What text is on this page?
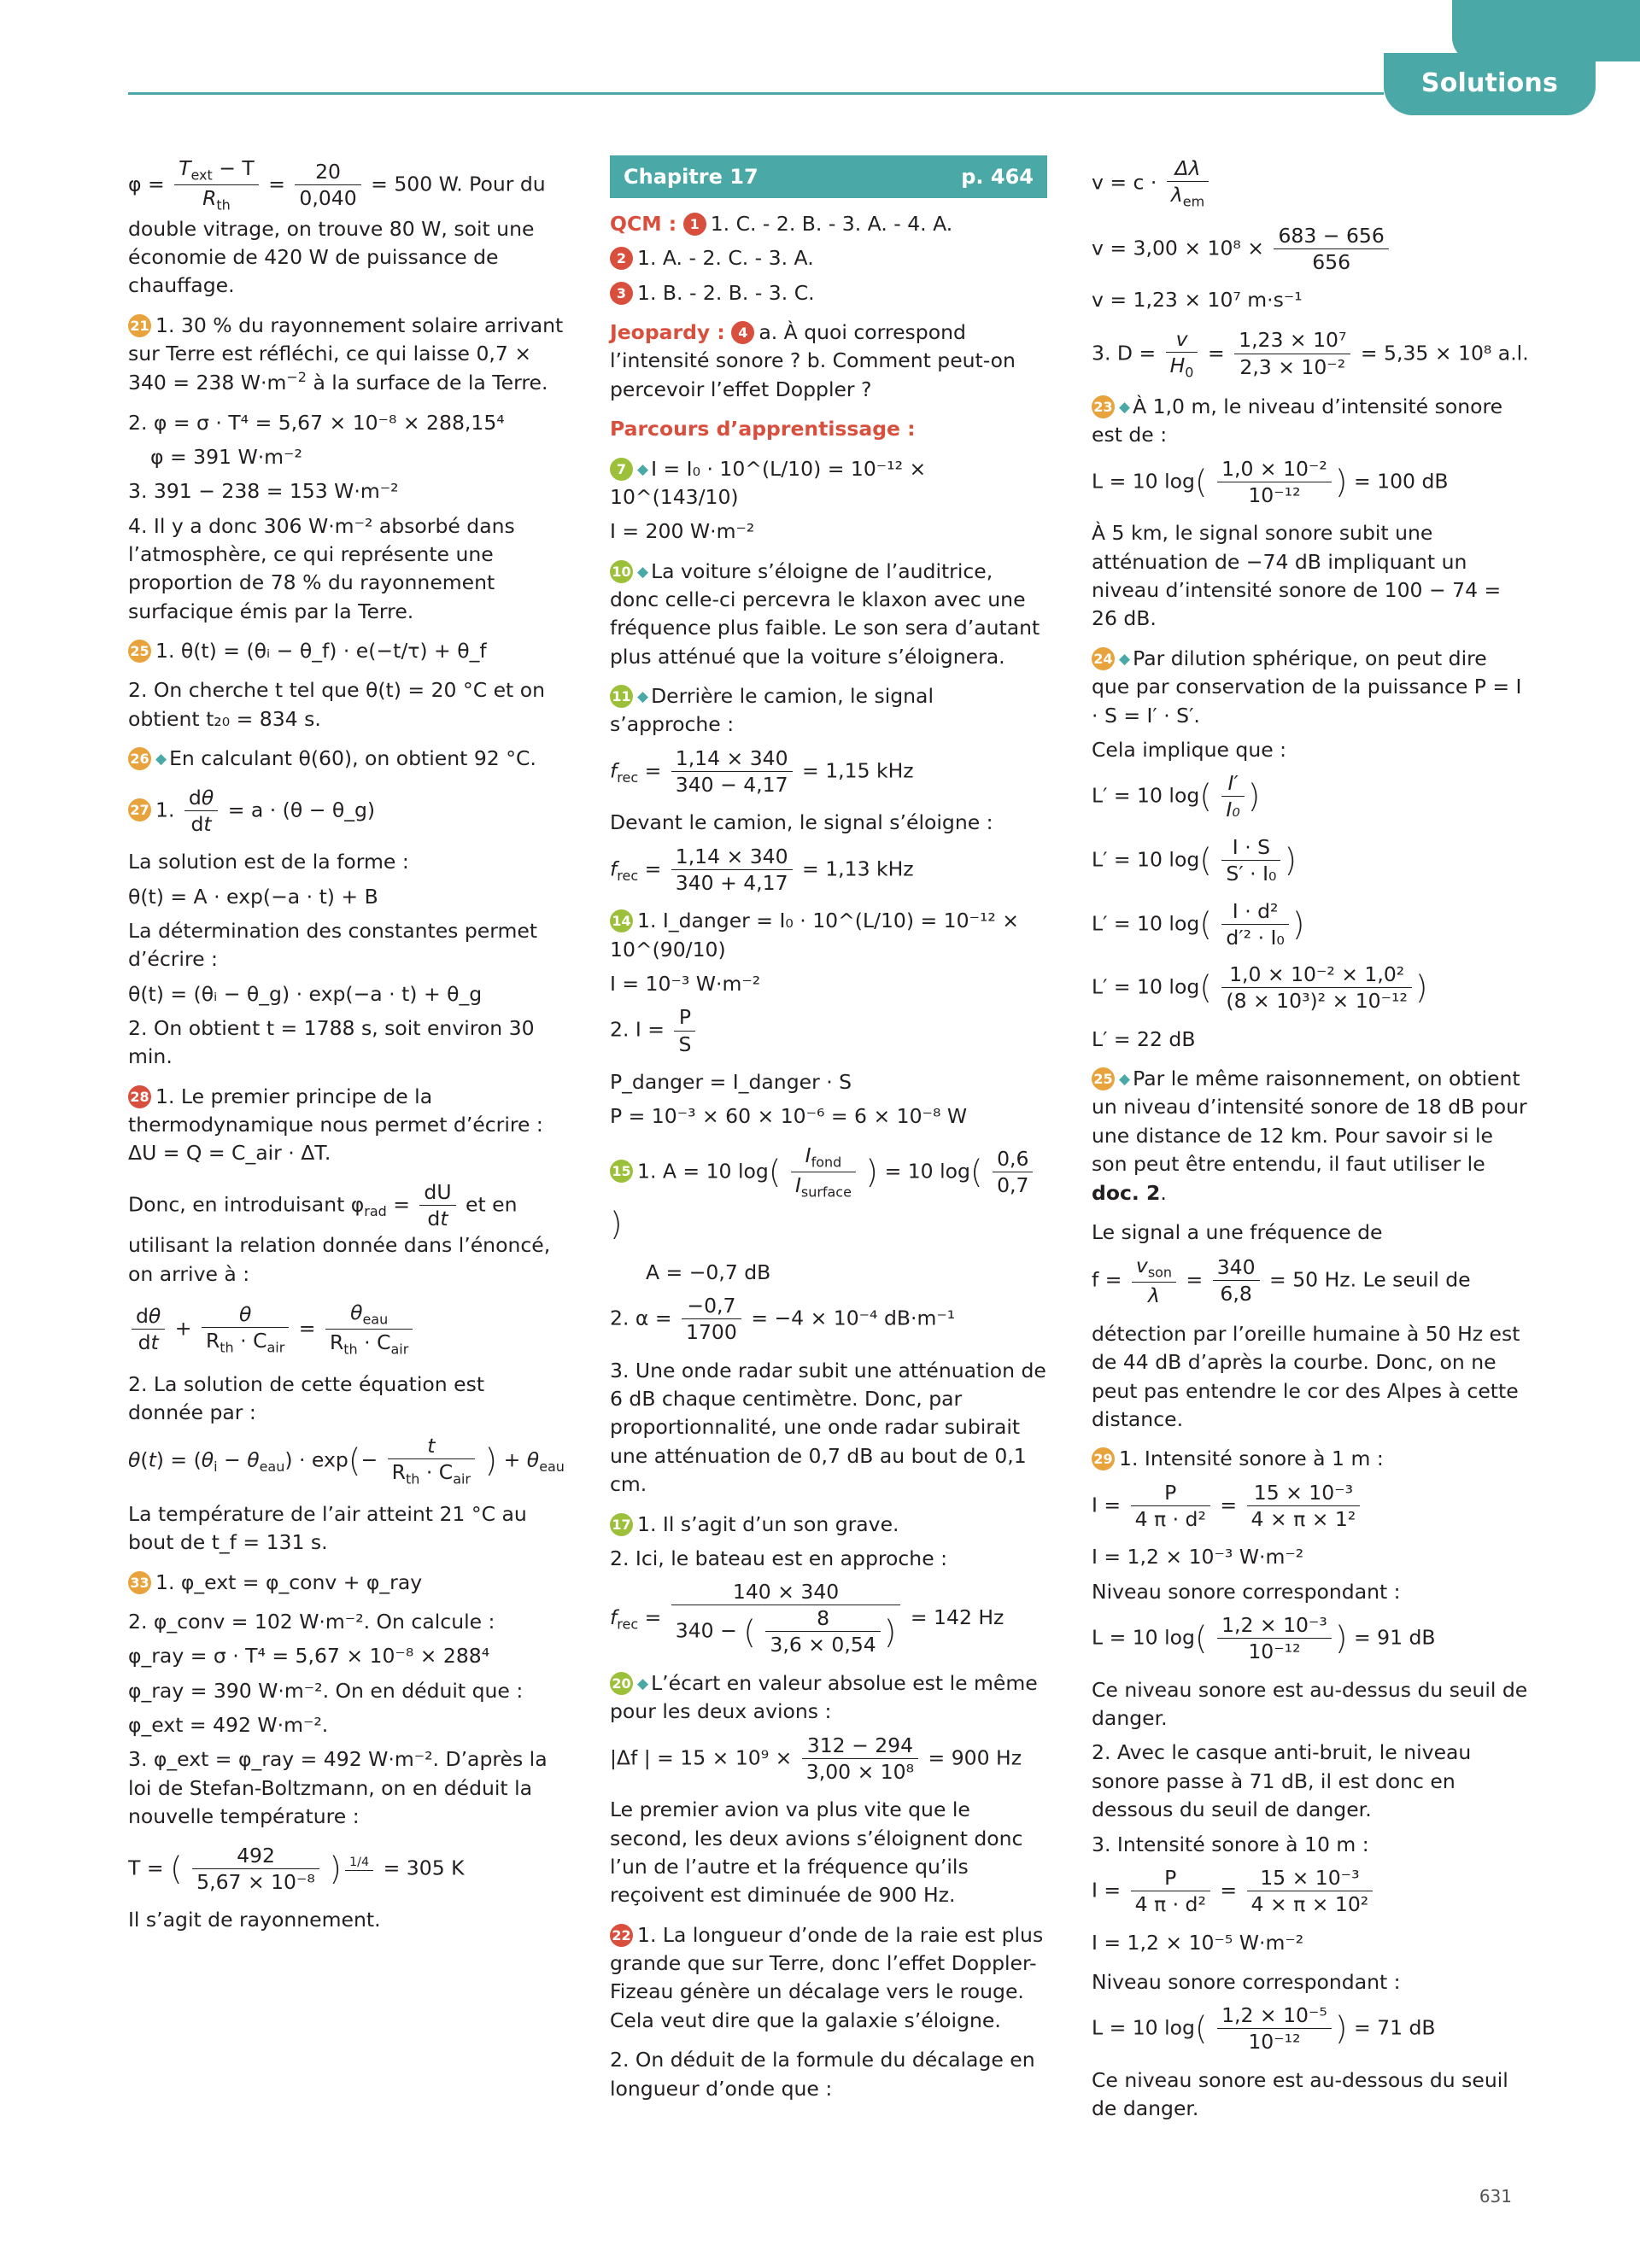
Solutions

$\varphi = \frac{T_{ext} - T}{R_{th}} = \frac{20}{0,040} = 500$ W. Pour du double vitrage, on trouve 80 W, soit une économie de 420 W de puissance de chauffage.

21 1. 30 % du rayonnement solaire arrivant sur Terre est réfléchi, ce qui laisse 0,7 × 340 = 238 $W\cdot m^{-2}$ à la surface de la Terre.

2. φ = σ · T⁴ = 5,67 × 10⁻⁸ × 288,15⁴

φ = 391 W·m⁻²

3. 391 − 238 = 153 W·m⁻²

4. Il y a donc 306 W·m⁻² absorbé dans l’atmosphère, ce qui représente une proportion de 78 % du rayonnement surfacique émis par la Terre.

25 1. θ(t) = (θᵢ − θ_f) · e(−t/τ) + θ_f

2. On cherche t tel que θ(t) = 20 °C et on obtient t₂₀ = 834 s.

26 ◆ En calculant θ(60), on obtient 92 °C.

27 1. $\frac{d\theta}{dt} = a \cdot (\theta$ − θ_g)

La solution est de la forme :

θ(t) = A · exp(−a · t) + B

La détermination des constantes permet d’écrire :

θ(t) = (θᵢ − θ_g) · exp(−a · t) + θ_g

2. On obtient t = 1788 s, soit environ 30 min.

28 1. Le premier principe de la thermodynamique nous permet d’écrire : ΔU = Q = C_air · ΔT.

Donc, en introduisant $\varphi_{rad} = \frac{dU}{dt}$ et en utilisant la relation donnée dans l’énoncé, on arrive à :

$\frac{d\theta}{dt} + \frac{\theta}{R_{th} \cdot C_{air}} = \frac{\theta_{eau}}{R_{th} \cdot C_{air}}$

2. La solution de cette équation est donnée par :

$\theta(t) = (\theta_i - \theta_{eau}) \cdot \exp(- \frac{t}{R_{th} \cdot C_{air}}$ ) + $\theta_{eau}$

La température de l’air atteint 21 °C au bout de t_f = 131 s.

33 1. φ_ext = φ_conv + φ_ray

2. φ_conv = 102 W·m⁻². On calcule :

φ_ray = σ · T⁴ = 5,67 × 10⁻⁸ × 288⁴

φ_ray = 390 W·m⁻². On en déduit que :

φ_ext = 492 W·m⁻².

3. φ_ext = φ_ray = 492 W·m⁻². D’après la loi de Stefan-Boltzmann, on en déduit la nouvelle température :

T = ( $\frac{492}{\text{5,67 × 10⁻⁸}}$ ) $^{1/4}$ = 305 K

Il s’agit de rayonnement.

Chapitre 17	p. 464

QCM : 1 1. C. - 2. B. - 3. A. - 4. A.

2 1. A. - 2. C. - 3. A.

3 1. B. - 2. B. - 3. C.

Jeopardy : 4 a. À quoi correspond l’intensité sonore ? b. Comment peut-on percevoir l’effet Doppler ?

Parcours d’apprentissage :

7 ◆ I = I₀ · 10^(L/10) = 10⁻¹² × 10^(143/10)

I = 200 W·m⁻²

10 ◆ La voiture s’éloigne de l’auditrice, donc celle-ci percevra le klaxon avec une fréquence plus faible. Le son sera d’autant plus atténué que la voiture s’éloignera.

11 ◆ Derrière le camion, le signal s’approche :

$f_{rec} = \frac{1,14 \times 340}{340 - 4,17} = 1,15$ kHz

Devant le camion, le signal s’éloigne :

$f_{rec} = \frac{1,14 \times 340}{340 + 4,17} = 1,13$ kHz

14 1. I_danger = I₀ · 10^(L/10) = 10⁻¹² × 10^(90/10)

I = 10⁻³ W·m⁻²

2. $I = \frac{P}{S}$

P_danger = I_danger · S

P = 10⁻³ × 60 × 10⁻⁶ = 6 × 10⁻⁸ W

15 1. A = 10 $\log( \frac{I_{fond}}{I_{surface}}$ ) = 10 $\log( \frac{0,6}{0,7}$
)

A = −0,7 dB

2. $\alpha = \frac{-0,7}{1700} = -4 \times 10^{-4}$ dB·m⁻¹

3. Une onde radar subit une atténuation de 6 dB chaque centimètre. Donc, par proportionnalité, une onde radar subirait une atténuation de 0,7 dB au bout de 0,1 cm.

17 1. Il s’agit d’un son grave.

2. Ici, le bateau est en approche :

$f_{rec}$ =
140 × 340
340 − ( $\frac{8}{3,6 \times 0,54}$ ) = 142 Hz

20 ◆ L’écart en valeur absolue est le même pour les deux avions :

|Δf | = $15 \times 10^9 \times \frac{312 - 294}{\text{3,00 × 10⁸}} = 900$ Hz

Le premier avion va plus vite que le second, les deux avions s’éloignent donc l’un de l’autre et la fréquence qu’ils reçoivent est diminuée de 900 Hz.

22 1. La longueur d’onde de la raie est plus grande que sur Terre, donc l’effet Doppler-Fizeau génère un décalage vers le rouge. Cela veut dire que la galaxie s’éloigne.

2. On déduit de la formule du décalage en longueur d’onde que :

$v = c \cdot \frac{\Delta\lambda}{\lambda_{em}}$

$v = 3,00 \times 10^8 \times \frac{683 - 656}{656}$

v = 1,23 × 10⁷ m·s⁻¹

3. $D = \frac{v}{H_0} = \frac{\text{1,23 × 10⁷}}{\text{2,3 × 10⁻²}} = 5,35 \times 10^8$ a.l.

23 ◆ À 1,0 m, le niveau d’intensité sonore est de :

L = 10 $\log( \frac{\text{1,0 × 10⁻²}}{\text{10⁻¹²}}$ ) = 100 dB

À 5 km, le signal sonore subit une atténuation de −74 dB impliquant un niveau d’intensité sonore de 100 − 74 = 26 dB.

24 ◆ Par dilution sphérique, on peut dire que par conservation de la puissance P = I · S = I′ · S′.

Cela implique que :

L′ = 10 $\log( \frac{I'}{\text{I₀}}$ )

L′ = 10 $\log( \frac{I \cdot S}{\text{S′ · I₀}}$ )

L′ = 10 $\log( \frac{\text{I · d²}}{\text{d′² · I₀}}$ )

L′ = 10 $\log( \frac{\text{1,0 × 10⁻² × 1,0²}}{\text{(8 × 10³)² × 10⁻¹²}}$ )

L′ = 22 dB

25 ◆ Par le même raisonnement, on obtient un niveau d’intensité sonore de 18 dB pour une distance de 12 km. Pour savoir si le son peut être entendu, il faut utiliser le doc. 2.

Le signal a une fréquence de

$f = \frac{v_{son}}{\lambda} = \frac{340}{6,8} = 50$ Hz. Le seuil de

détection par l’oreille humaine à 50 Hz est de 44 dB d’après la courbe. Donc, on ne peut pas entendre le cor des Alpes à cette distance.

29 1. Intensité sonore à 1 m :

$I = \frac{P}{\text{4 π · d²}} = \frac{\text{15 × 10⁻³}}{\text{4 × π × 1²}}$

I = 1,2 × 10⁻³ W·m⁻²

Niveau sonore correspondant :

L = 10 $\log( \frac{\text{1,2 × 10⁻³}}{\text{10⁻¹²}}$ ) = 91 dB

Ce niveau sonore est au-dessus du seuil de danger.

2. Avec le casque anti-bruit, le niveau sonore passe à 71 dB, il est donc en dessous du seuil de danger.

3. Intensité sonore à 10 m :

$I = \frac{P}{\text{4 π · d²}} = \frac{\text{15 × 10⁻³}}{\text{4 × π × 10²}}$

I = 1,2 × 10⁻⁵ W·m⁻²

Niveau sonore correspondant :

L = 10 $\log( \frac{\text{1,2 × 10⁻⁵}}{\text{10⁻¹²}}$ ) = 71 dB

Ce niveau sonore est au-dessous du seuil de danger.

631
